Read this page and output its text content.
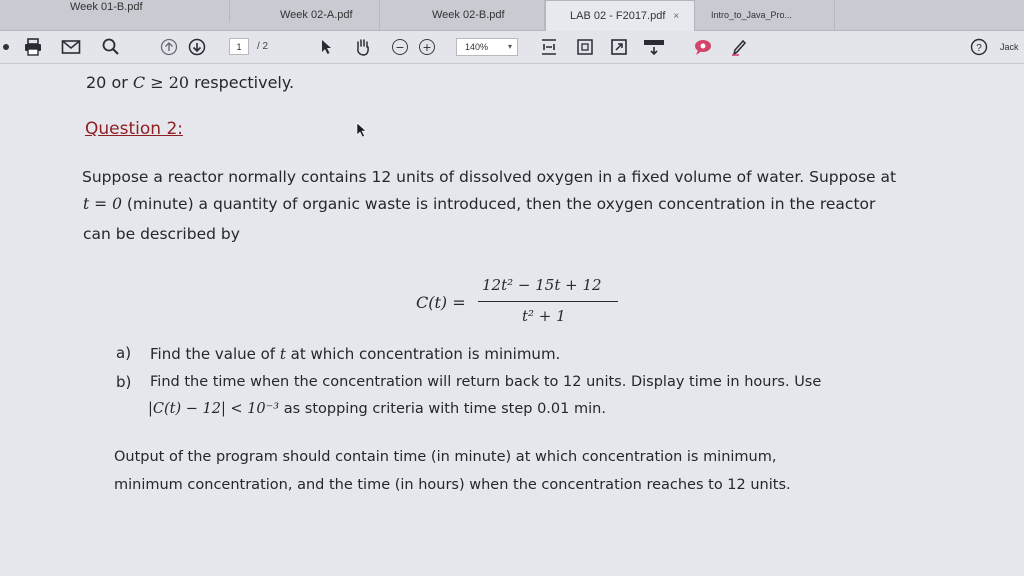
Week 01-B.pdf
Week 02-A.pdf	Week 02-B.pdf	LAB 02 - F2017.pdf ×	Intro_to_Java_Pro...
1	/ 2	−	+	140% ▾	? Jack
20 or C ≥ 20 respectively.
Question 2:
Suppose a reactor normally contains 12 units of dissolved oxygen in a fixed volume of water. Suppose at
t = 0 (minute) a quantity of organic waste is introduced, then the oxygen concentration in the reactor
can be described by
C(t) =
12t² − 15t + 12
t² + 1
a) Find the value of t at which concentration is minimum.
b) Find the time when the concentration will return back to 12 units. Display time in hours. Use
|C(t) − 12| < 10⁻³ as stopping criteria with time step 0.01 min.
Output of the program should contain time (in minute) at which concentration is minimum,
minimum concentration, and the time (in hours) when the concentration reaches to 12 units.
